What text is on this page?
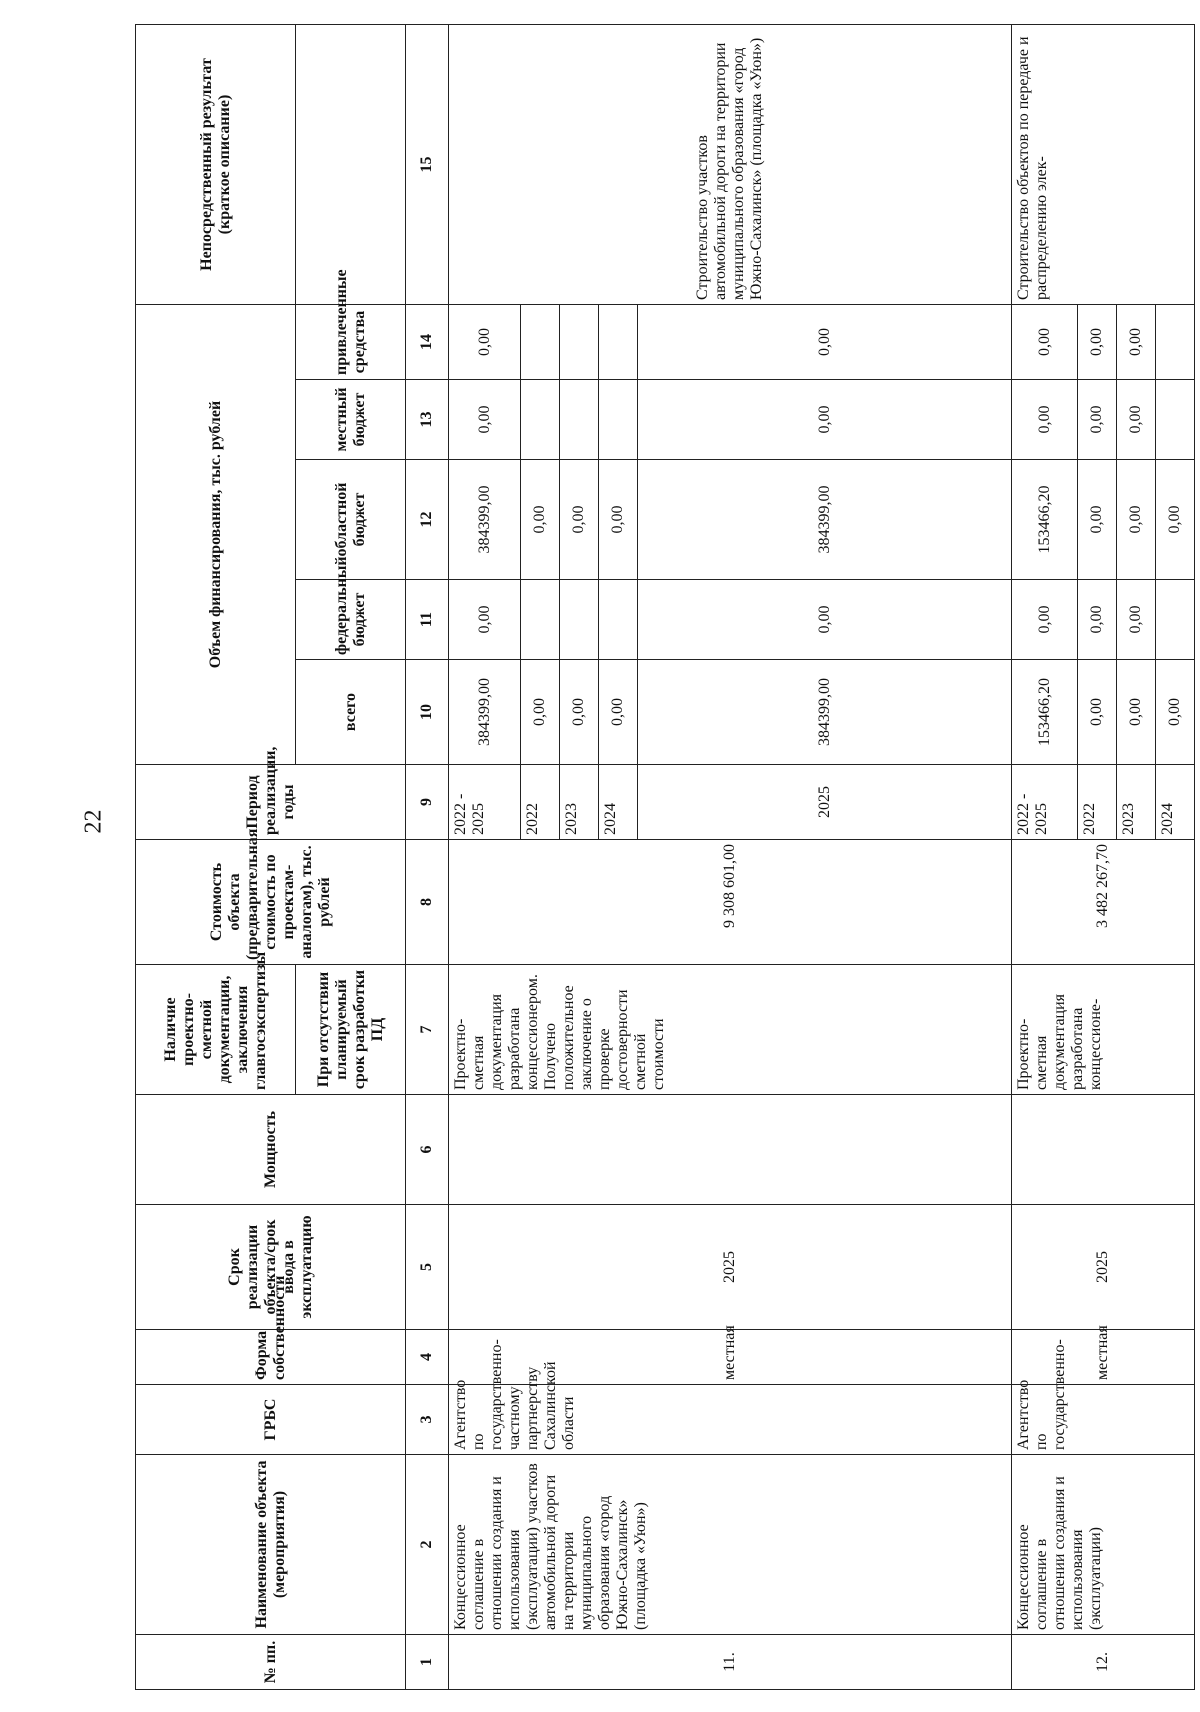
22
№ пп.	Наименование объекта (мероприятия)	ГРБС	Форма собственности	Срок реализации объекта/срок ввода в эксплуатацию	Мощность	Наличие проектно-сметной документации, заключения главгосэкспертизы	Стоимость объекта (предварительная стоимость по проектам-аналогам), тыс. рублей	Период реализации, годы	Объем финансирования, тыс. рублей					Непосредственный результат (краткое описание)
						При отсутствии планируемый срок разработки ПД			всего	федеральный бюджет	областной бюджет	местный бюджет	привлеченные средства	
1	2	3	4	5	6	7	8	9	10	11	12	13	14	15
11.	Концессионное соглашение в отношении создания и использования (эксплуатации) участков автомобильной дороги на территории муниципального образования «город Южно-Сахалинск» (площадка «Уюн»)	Агентство по государственно-частному партнерству Сахалинской области	местная	2025		Проектно-сметная документация разработана концессионером. Получено положительное заключение о проверке достоверности сметной стоимости	9 308 601,00	2022 - 2025	384399,00	0,00	384399,00	0,00	0,00	Строительство участков автомобильной дороги на территории муниципального образования «город Южно-Сахалинск» (площадка «Уюн»)
								2022	0,00		0,00			
								2023	0,00		0,00			
								2024	0,00		0,00			
								2025	384399,00	0,00	384399,00	0,00	0,00	
12.	Концессионное соглашение в отношении создания и использования (эксплуатации)	Агентство по государственно-	местная	2025		Проектно-сметная документация разработана концессионе-	3 482 267,70	2022 - 2025	153466,20	0,00	153466,20	0,00	0,00	Строительство объектов по передаче и распределению элек-
								2022	0,00	0,00	0,00	0,00	0,00	
								2023	0,00	0,00	0,00	0,00	0,00	
								2024	0,00		0,00			
